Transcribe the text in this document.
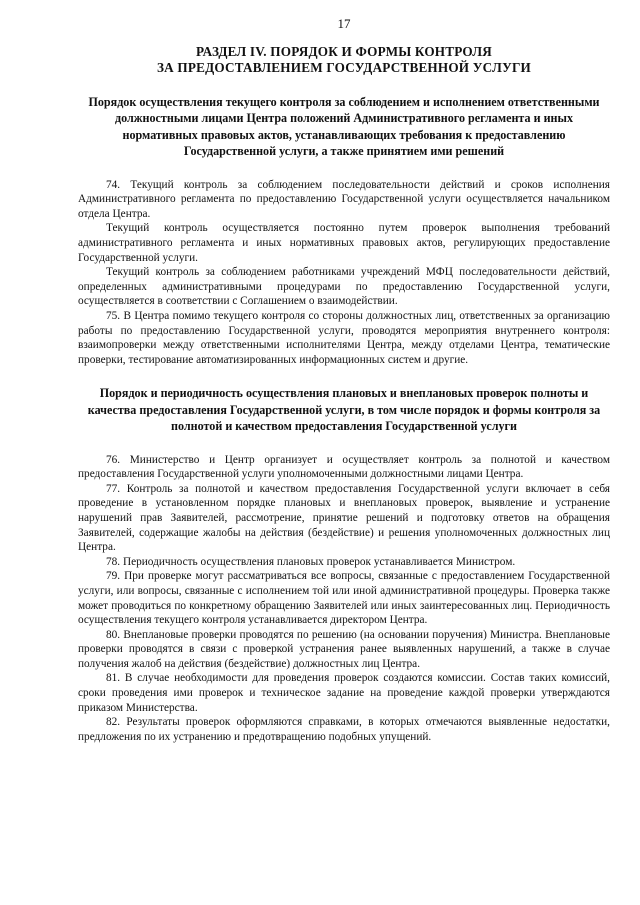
17
РАЗДЕЛ IV. ПОРЯДОК И ФОРМЫ КОНТРОЛЯ
ЗА ПРЕДОСТАВЛЕНИЕМ ГОСУДАРСТВЕННОЙ УСЛУГИ
Порядок осуществления текущего контроля за соблюдением и исполнением ответственными должностными лицами Центра положений Административного регламента и иных нормативных правовых актов, устанавливающих требования к предоставлению Государственной услуги, а также принятием ими решений

74. Текущий контроль за соблюдением последовательности действий и сроков исполнения Административного регламента по предоставлению Государственной услуги осуществляется начальником отдела Центра.

Текущий контроль осуществляется постоянно путем проверок выполнения требований административного регламента и иных нормативных правовых актов, регулирующих предоставление Государственной услуги.

Текущий контроль за соблюдением работниками учреждений МФЦ последовательности действий, определенных административными процедурами по предоставлению Государственной услуги, осуществляется в соответствии с Соглашением о взаимодействии.

75. В Центра помимо текущего контроля со стороны должностных лиц, ответственных за организацию работы по предоставлению Государственной услуги, проводятся мероприятия внутреннего контроля: взаимопроверки между ответственными исполнителями Центра, между отделами Центра, тематические проверки, тестирование автоматизированных информационных систем и другие.

Порядок и периодичность осуществления плановых и внеплановых проверок полноты и качества предоставления Государственной услуги, в том числе порядок и формы контроля за полнотой и качеством предоставления Государственной услуги

76. Министерство и Центр организует и осуществляет контроль за полнотой и качеством предоставления Государственной услуги уполномоченными должностными лицами Центра.

77. Контроль за полнотой и качеством предоставления Государственной услуги включает в себя проведение в установленном порядке плановых и внеплановых проверок, выявление и устранение нарушений прав Заявителей, рассмотрение, принятие решений и подготовку ответов на обращения Заявителей, содержащие жалобы на действия (бездействие) и решения уполномоченных должностных лиц Центра.

78. Периодичность осуществления плановых проверок устанавливается Министром.

79. При проверке могут рассматриваться все вопросы, связанные с предоставлением Государственной услуги, или вопросы, связанные с исполнением той или иной административной процедуры. Проверка также может проводиться по конкретному обращению Заявителей или иных заинтересованных лиц. Периодичность осуществления текущего контроля устанавливается директором Центра.

80. Внеплановые проверки проводятся по решению (на основании поручения) Министра. Внеплановые проверки проводятся в связи с проверкой устранения ранее выявленных нарушений, а также в случае получения жалоб на действия (бездействие) должностных лиц Центра.

81. В случае необходимости для проведения проверок создаются комиссии. Состав таких комиссий, сроки проведения ими проверок и техническое задание на проведение каждой проверки утверждаются приказом Министерства.

82. Результаты проверок оформляются справками, в которых отмечаются выявленные недостатки, предложения по их устранению и предотвращению подобных упущений.
